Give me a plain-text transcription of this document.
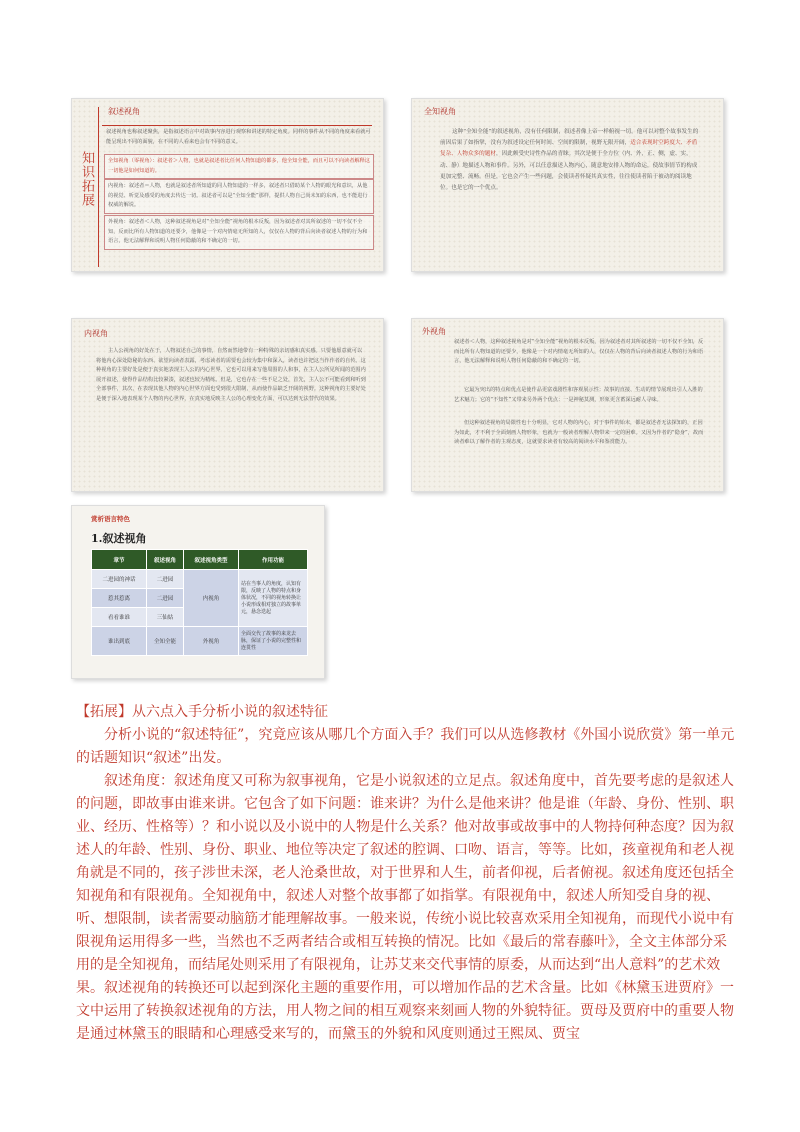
叙述视角
知识拓展
叙述视角也称叙述聚焦，是指叙述语言中对故事内容进行观察和讲述的特定角度。同样的事件从不同的角度来看就可能呈现出不同的面貌，在不同的人看来也会有不同的意义。
全知视角（零视角）：叙述者＞人物，也就是叙述者比任何人物知道的都多，他全知全能，而且可以不向读者解释这一切他是如何知道的。
内视角：叙述者＝人物，也就是叙述者所知道的同人物知道的一样多，叙述者只借助某个人物的眼光和意识，从他的视觉、听觉及感受的角度去传达一切。叙述者可以是“全知全能”那样，提供人物自己尚未知的东西，也不能进行权威的解说。
外视角：叙述者＜人物，这种叙述视角是对“全知全能”视角的根本反叛，因为叙述者对其所叙述的一切不仅不全知，反而比所有人物知道的还要少，他像是一个对内情毫无所知的人，仅仅在人物的背后向读者叙述人物的行为和语言，他无法解释和说明人物任何隐蔽的和不确定的一切。
全知视角
这种“全知全能”的叙述视角，没有任何限制，叙述者像上帝一样俯视一切。他可以对整个故事发生的前因后果了如指掌，没有为叙述设定任何时间、空间的限制，视野无限开阔，适合表现时空跨度大、矛盾复杂、人物众多的题材，因此颇受史诗性作品的青睐。其次是便于全方位（内、外，正、侧，虚、实，动、静）地描述人物和事件。另外，可以任意描述人物内心，随意地安排人物的命运，使故事情节的构成更加完整、流畅。但是，它也会产生一些问题，会使读者怀疑其真实性，往往使读者陷于被动的阅读地位。也是它的一个优点。
内视角
主人公视角的好处在于，人物叙述自己的事情，自然而然地带有一种特殊的亲切感和真实感。只要他愿意就可以将他内心深处隐秘的东西、欲望向读者表露，考虑读者的需要也会较为集中和深入，读者也许把这当作作者的自传。这种视角的主要好处是便于真实地表现主人公的内心世界，它也可以用来写他周围的人和事，在主人公所见所闻的范围内展开叙述，使得作品结构比较紧凑，叙述也较为精练。但是，它也存在一些不足之处，首先，主人公不可能看到和听到全部事件，其次，在表现其他人物的内心世界方面也受到很大限制，从而使作品缺乏开阔的视野。这种视角的主要好处是便于深入地表现某个人物的内心世界，在真实地反映主人公的心理变化方面，可以达到无法替代的效果。
外视角
叙述者＜人物，这种叙述视角是对“全知全能”视角的根本反叛，因为叙述者对其所叙述的一切不仅不全知，反而比所有人物知道的还要少，他像是一个对内情毫无所知的人，仅仅在人物的背后向读者叙述人物的行为和语言，他无法解释和说明人物任何隐蔽的和不确定的一切。
它最为突出的特点和优点是使作品更富戏剧性和客观展示性：故事的直接、生动的情节展现出引人入胜的艺术魅力；它的“不知性”又带来另外两个优点：一是神秘莫测，形象更含蓄深远耐人寻味。
但这种叙述视角的局限性也十分明显，它对人物的内心，对于事件的始末，都是叙述者无法探知的，正因为如此，才不利于全面刻画人物形象，也就为一般读者理解人物带来一定的困难。又因为作者的“隐身”，故而读者难以了解作者的主观态度，这就要求读者有较高的阅读水平和鉴赏能力。
赏析语言特色
1.叙述视角
章节	叙述视角	叙述视角类型	作用功能
二进园的神话	二进园	内视角	站在当事人的角度，认知有限，反映了人物的特点和身体状况，不同的视角转换让小说形成相对独立的故事单元，悬念迭起
惹其惹离	二进园		
看看谁谁	三仙姑		
谁出到底	全知全能	外视角	全面交代了故事的来龙去脉，保证了小说的完整性和连贯性
【拓展】从六点入手分析小说的叙述特征

分析小说的“叙述特征”，究竟应该从哪几个方面入手？我们可以从选修教材《外国小说欣赏》第一单元的话题知识“叙述”出发。

叙述角度：叙述角度又可称为叙事视角，它是小说叙述的立足点。叙述角度中，首先要考虑的是叙述人的问题，即故事由谁来讲。它包含了如下问题：谁来讲？为什么是他来讲？他是谁（年龄、身份、性别、职业、经历、性格等）？和小说以及小说中的人物是什么关系？他对故事或故事中的人物持何种态度？因为叙述人的年龄、性别、身份、职业、地位等决定了叙述的腔调、口吻、语言，等等。比如，孩童视角和老人视角就是不同的，孩子涉世未深，老人沧桑世故，对于世界和人生，前者仰视，后者俯视。叙述角度还包括全知视角和有限视角。全知视角中，叙述人对整个故事都了如指掌。有限视角中，叙述人所知受自身的视、听、想限制，读者需要动脑筋才能理解故事。一般来说，传统小说比较喜欢采用全知视角，而现代小说中有限视角运用得多一些，当然也不乏两者结合或相互转换的情况。比如《最后的常春藤叶》，全文主体部分采用的是全知视角，而结尾处则采用了有限视角，让苏艾来交代事情的原委，从而达到“出人意料”的艺术效果。叙述视角的转换还可以起到深化主题的重要作用，可以增加作品的艺术含量。比如《林黛玉进贾府》一文中运用了转换叙述视角的方法，用人物之间的相互观察来刻画人物的外貌特征。贾母及贾府中的重要人物是通过林黛玉的眼睛和心理感受来写的，而黛玉的外貌和风度则通过王熙凤、贾宝
